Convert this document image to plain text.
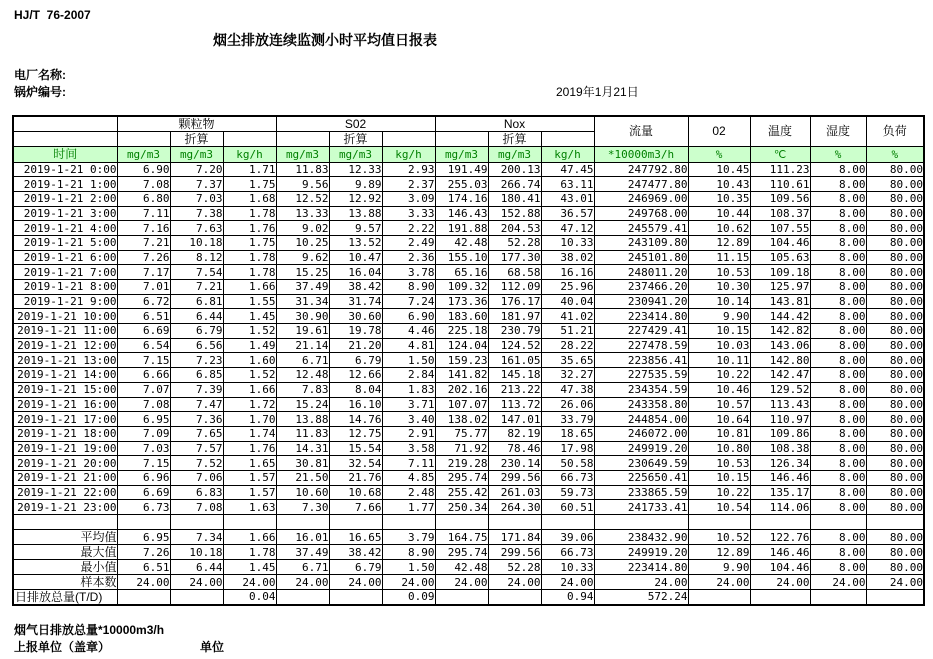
HJ/T  76-2007
烟尘排放连续监测小时平均值日报表
电厂名称:
锅炉编号:	2019年1月21日
	颗粒物			S02			Nox			流量	02	温度	湿度	负荷
		折算			折算			折算						
时间	mg/m3	mg/m3	kg/h	mg/m3	mg/m3	kg/h	mg/m3	mg/m3	kg/h	*10000m3/h	%	℃	%	%
2019-1-21 0:00	6.90	7.20	1.71	11.83	12.33	2.93	191.49	200.13	47.45	247792.80	10.45	111.23	8.00	80.00
2019-1-21 1:00	7.08	7.37	1.75	9.56	9.89	2.37	255.03	266.74	63.11	247477.80	10.43	110.61	8.00	80.00
2019-1-21 2:00	6.80	7.03	1.68	12.52	12.92	3.09	174.16	180.41	43.01	246969.00	10.35	109.56	8.00	80.00
2019-1-21 3:00	7.11	7.38	1.78	13.33	13.88	3.33	146.43	152.88	36.57	249768.00	10.44	108.37	8.00	80.00
2019-1-21 4:00	7.16	7.63	1.76	9.02	9.57	2.22	191.88	204.53	47.12	245579.41	10.62	107.55	8.00	80.00
2019-1-21 5:00	7.21	10.18	1.75	10.25	13.52	2.49	42.48	52.28	10.33	243109.80	12.89	104.46	8.00	80.00
2019-1-21 6:00	7.26	8.12	1.78	9.62	10.47	2.36	155.10	177.30	38.02	245101.80	11.15	105.63	8.00	80.00
2019-1-21 7:00	7.17	7.54	1.78	15.25	16.04	3.78	65.16	68.58	16.16	248011.20	10.53	109.18	8.00	80.00
2019-1-21 8:00	7.01	7.21	1.66	37.49	38.42	8.90	109.32	112.09	25.96	237466.20	10.30	125.97	8.00	80.00
2019-1-21 9:00	6.72	6.81	1.55	31.34	31.74	7.24	173.36	176.17	40.04	230941.20	10.14	143.81	8.00	80.00
2019-1-21 10:00	6.51	6.44	1.45	30.90	30.60	6.90	183.60	181.97	41.02	223414.80	9.90	144.42	8.00	80.00
2019-1-21 11:00	6.69	6.79	1.52	19.61	19.78	4.46	225.18	230.79	51.21	227429.41	10.15	142.82	8.00	80.00
2019-1-21 12:00	6.54	6.56	1.49	21.14	21.20	4.81	124.04	124.52	28.22	227478.59	10.03	143.06	8.00	80.00
2019-1-21 13:00	7.15	7.23	1.60	6.71	6.79	1.50	159.23	161.05	35.65	223856.41	10.11	142.80	8.00	80.00
2019-1-21 14:00	6.66	6.85	1.52	12.48	12.66	2.84	141.82	145.18	32.27	227535.59	10.22	142.47	8.00	80.00
2019-1-21 15:00	7.07	7.39	1.66	7.83	8.04	1.83	202.16	213.22	47.38	234354.59	10.46	129.52	8.00	80.00
2019-1-21 16:00	7.08	7.47	1.72	15.24	16.10	3.71	107.07	113.72	26.06	243358.80	10.57	113.43	8.00	80.00
2019-1-21 17:00	6.95	7.36	1.70	13.88	14.76	3.40	138.02	147.01	33.79	244854.00	10.64	110.97	8.00	80.00
2019-1-21 18:00	7.09	7.65	1.74	11.83	12.75	2.91	75.77	82.19	18.65	246072.00	10.81	109.86	8.00	80.00
2019-1-21 19:00	7.03	7.57	1.76	14.31	15.54	3.58	71.92	78.46	17.98	249919.20	10.80	108.38	8.00	80.00
2019-1-21 20:00	7.15	7.52	1.65	30.81	32.54	7.11	219.28	230.14	50.58	230649.59	10.53	126.34	8.00	80.00
2019-1-21 21:00	6.96	7.06	1.57	21.50	21.76	4.85	295.74	299.56	66.73	225650.41	10.15	146.46	8.00	80.00
2019-1-21 22:00	6.69	6.83	1.57	10.60	10.68	2.48	255.42	261.03	59.73	233865.59	10.22	135.17	8.00	80.00
2019-1-21 23:00	6.73	7.08	1.63	7.30	7.66	1.77	250.34	264.30	60.51	241733.41	10.54	114.06	8.00	80.00

平均值	6.95	7.34	1.66	16.01	16.65	3.79	164.75	171.84	39.06	238432.90	10.52	122.76	8.00	80.00
最大值	7.26	10.18	1.78	37.49	38.42	8.90	295.74	299.56	66.73	249919.20	12.89	146.46	8.00	80.00
最小值	6.51	6.44	1.45	6.71	6.79	1.50	42.48	52.28	10.33	223414.80	9.90	104.46	8.00	80.00
样本数	24.00	24.00	24.00	24.00	24.00	24.00	24.00	24.00	24.00	24.00	24.00	24.00	24.00	24.00
日排放总量(T/D)			0.04			0.09			0.94	572.24				
烟气日排放总量*10000m3/h
上报单位（盖章）	单位
